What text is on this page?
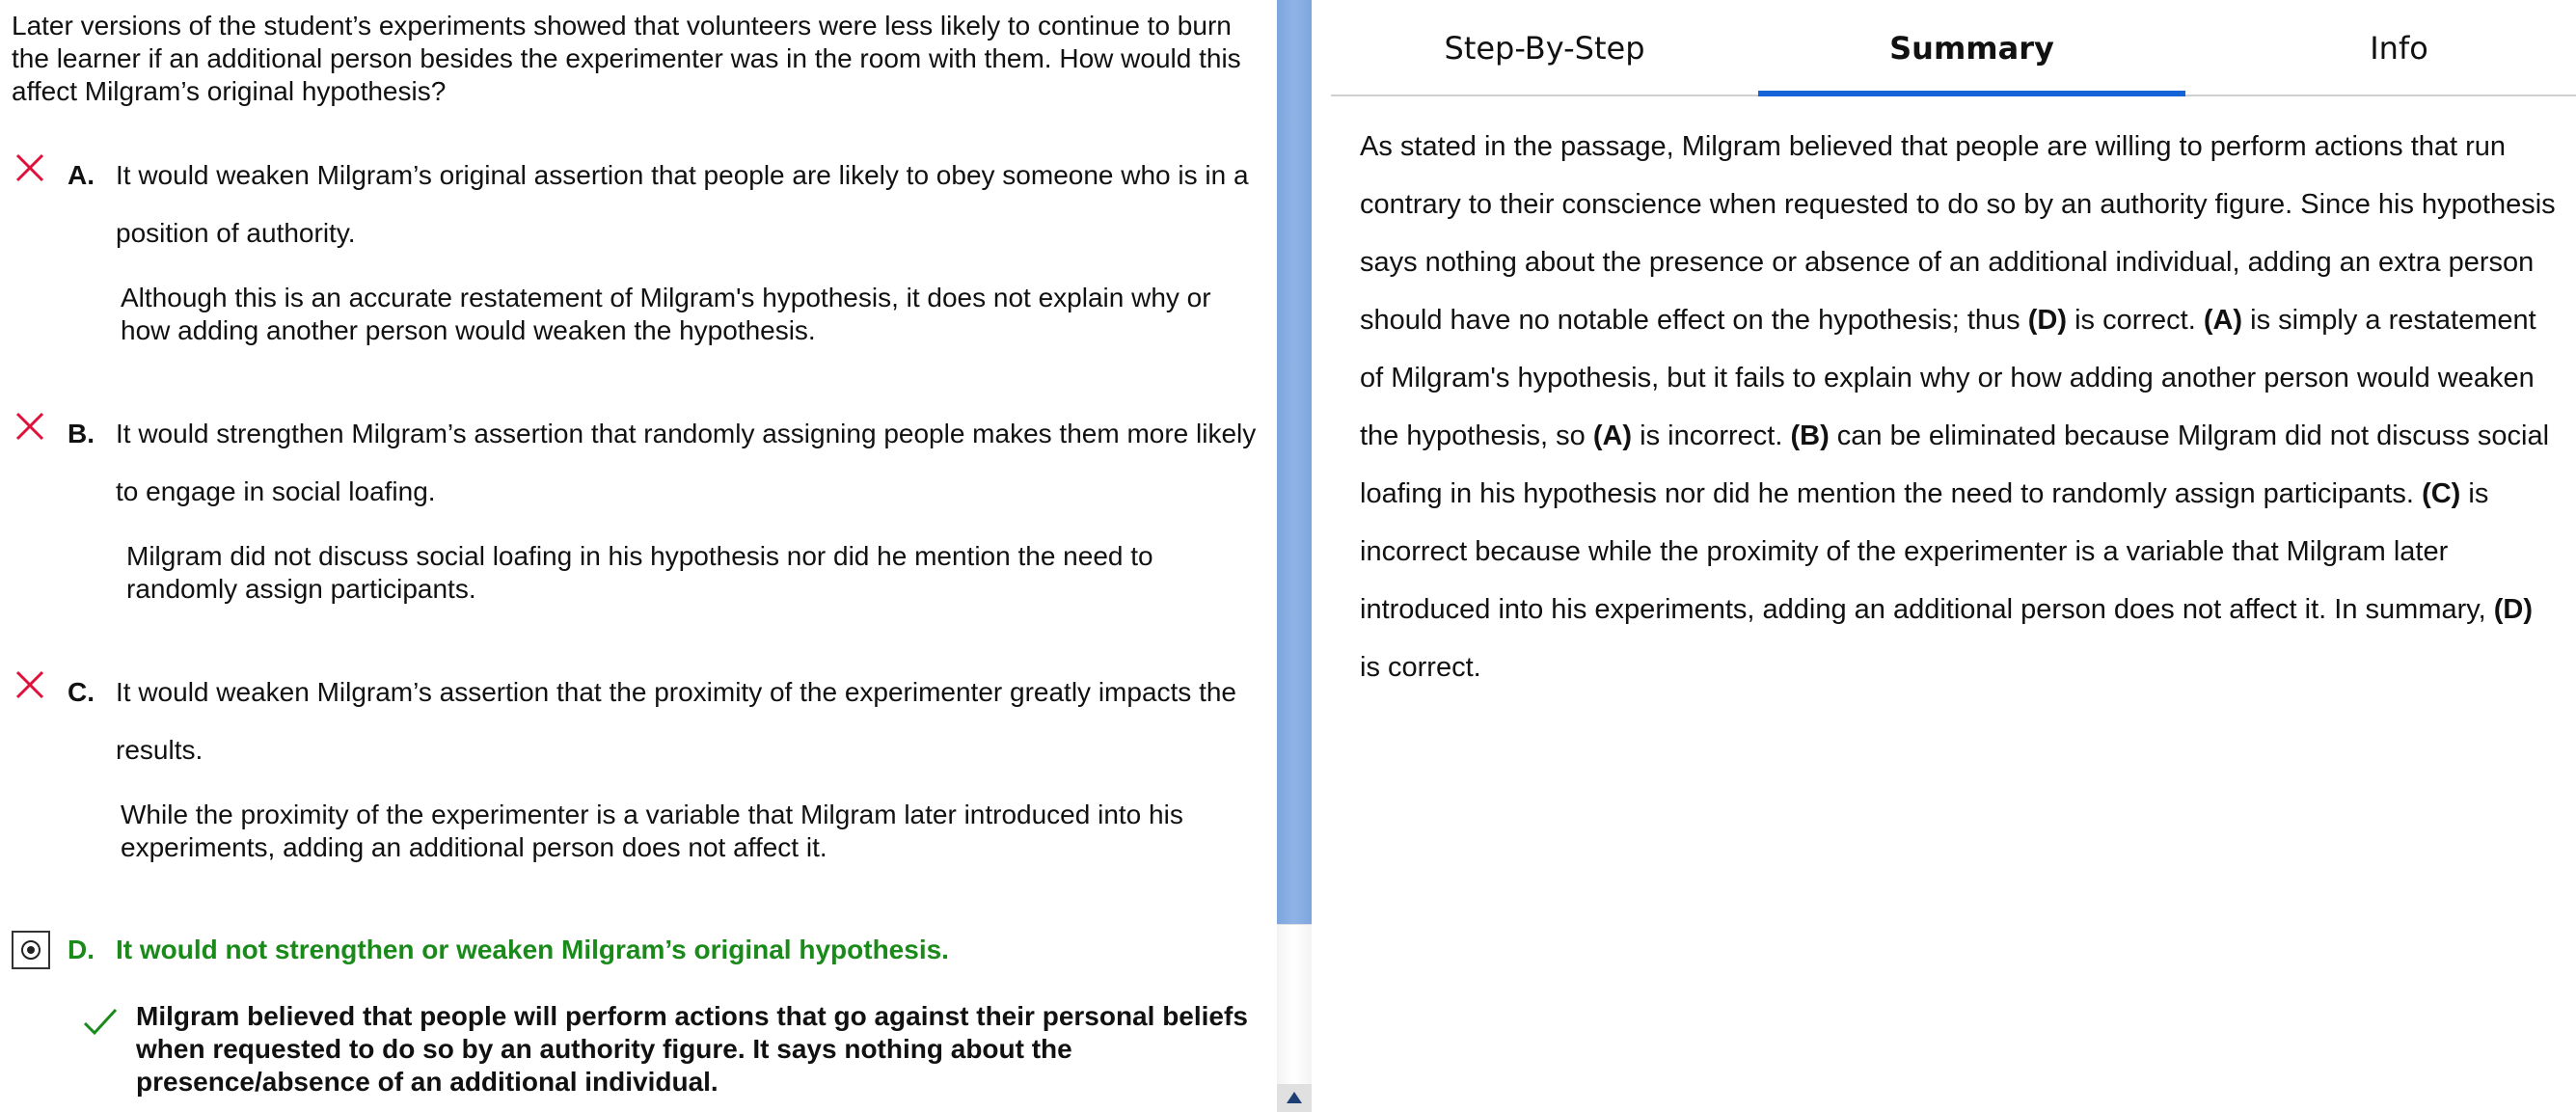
Later versions of the student’s experiments showed that volunteers were less likely to continue to burn the learner if an additional person besides the experimenter was in the room with them. How would this affect Milgram’s original hypothesis?

A. It would weaken Milgram’s original assertion that people are likely to obey someone who is in a position of authority.
Although this is an accurate restatement of Milgram's hypothesis, it does not explain why or how adding another person would weaken the hypothesis.
B. It would strengthen Milgram’s assertion that randomly assigning people makes them more likely to engage in social loafing.
Milgram did not discuss social loafing in his hypothesis nor did he mention the need to randomly assign participants.
C. It would weaken Milgram’s assertion that the proximity of the experimenter greatly impacts the results.
While the proximity of the experimenter is a variable that Milgram later introduced into his experiments, adding an additional person does not affect it.
D. It would not strengthen or weaken Milgram’s original hypothesis.
Milgram believed that people will perform actions that go against their personal beliefs when requested to do so by an authority figure. It says nothing about the presence/absence of an additional individual.
Step-By-Step	Summary	Info
As stated in the passage, Milgram believed that people are willing to perform actions that run contrary to their conscience when requested to do so by an authority figure. Since his hypothesis says nothing about the presence or absence of an additional individual, adding an extra person should have no notable effect on the hypothesis; thus (D) is correct. (A) is simply a restatement of Milgram's hypothesis, but it fails to explain why or how adding another person would weaken the hypothesis, so (A) is incorrect. (B) can be eliminated because Milgram did not discuss social loafing in his hypothesis nor did he mention the need to randomly assign participants. (C) is incorrect because while the proximity of the experimenter is a variable that Milgram later introduced into his experiments, adding an additional person does not affect it. In summary, (D) is correct.
